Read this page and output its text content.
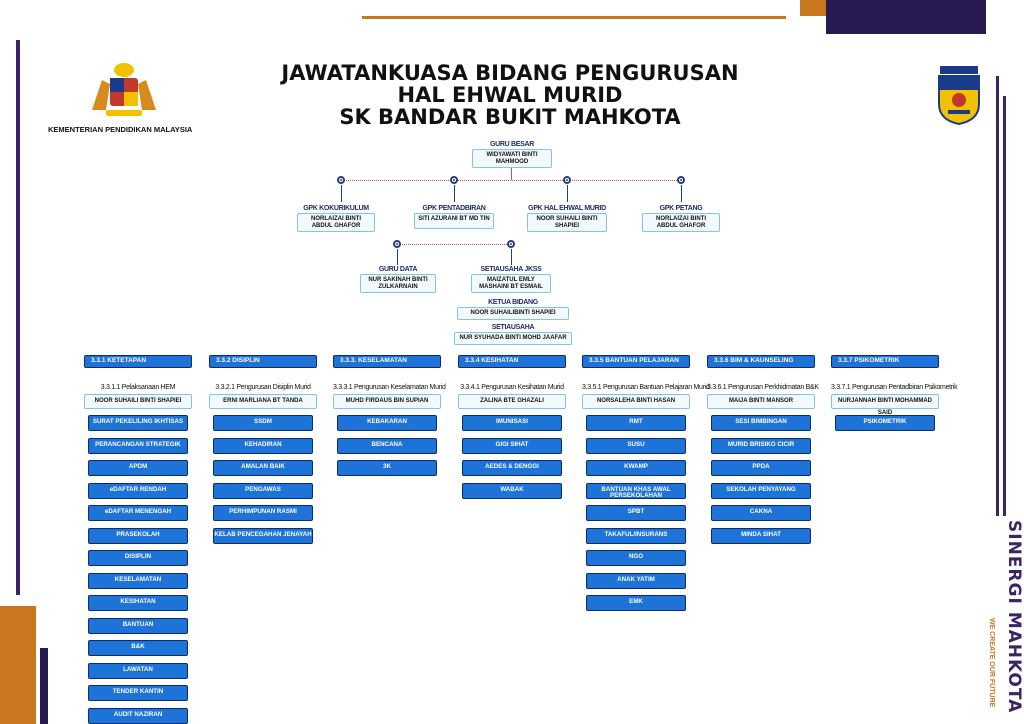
SINERGI MAHKOTA
WE CREATE OUR FUTURE
KEMENTERIAN PENDIDIKAN MALAYSIA
JAWATANKUASA BIDANG PENGURUSAN
HAL EHWAL MURID
SK BANDAR BUKIT MAHKOTA
GURU BESAR
WIDYAWATI BINTI MAHMOOD
GPK KOKURIKULUM
NORLAIZAI BINTI ABDUL GHAFOR
GPK PENTADBIRAN
SITI AZURANI BT MD TIN
GPK HAL EHWAL MURID
NOOR SUHAILI BINTI SHAPIEI
GPK PETANG
NORLAIZAI BINTI ABDUL GHAFOR
GURU DATA
NUR SAKINAH BINTI ZULKARNAIN
SETIAUSAHA JKSS
MAIZATUL EMLY MASHAINI BT ESMAIL
KETUA BIDANG
NOOR SUHAILIBINTI SHAPIEI
SETIAUSAHA
NUR SYUHADA BINTI MOHD JAAFAR
3.3.1 KETETAPAN
3.3.1.1 Pelaksanaan HEM
NOOR SUHAILI BINTI SHAPIEI
SURAT PEKELILING IKHTISAS
PERANCANGAN STRATEGIK
APDM
eDAFTAR RENDAH
eDAFTAR MENENGAH
PRASEKOLAH
DISIPLIN
KESELAMATAN
KESIHATAN
BANTUAN
B&K
LAWATAN
TENDER KANTIN
AUDIT NAZIRAN
3.3.2 DISIPLIN
3.3.2.1 Pengurusan Disiplin Murid
ERNI MARLIANA BT TANDA
SSDM
KEHADIRAN
AMALAN BAIK
PENGAWAS
PERHIMPUNAN RASMI
KELAB PENCEGAHAN JENAYAH
3.3.3. KESELAMATAN
3.3.3.1 Pengurusan Keselamatan Murid
MUHD FIRDAUS BIN SUPIAN
KEBAKARAN
BENCANA
3K
3.3.4 KESIHATAN
3.3.4.1 Pengurusan Kesihatan Murid
ZALINA BTE GHAZALI
IMUNISASI
GIGI SIHAT
AEDES & DENGGI
WABAK
3.3.5 BANTUAN PELAJARAN
3.3.5.1 Pengurusan Bantuan Pelajaran Murid
NORSALEHA BINTI HASAN
RMT
SUSU
KWAMP
BANTUAN KHAS AWAL PERSEKOLAHAN
SPBT
TAKAFUL/INSURANS
NGO
ANAK YATIM
EMK
3.3.6 BIM & KAUNSELING
3.3.6.1 Pengurusan Perkhidmatan B&K
MAIJA BINTI MANSOR
SESI BIMBINGAN
MURID BRISIKO CICIR
PPDA
SEKOLAH PENYAYANG
CAKNA
MINDA SIHAT
3.3.7 PSIKOMETRIK
3.3.7.1 Pengurusan Pentadbiran Psikometrik
NURJANNAH BINTI MOHAMMAD SAID
PSIKOMETRIK
